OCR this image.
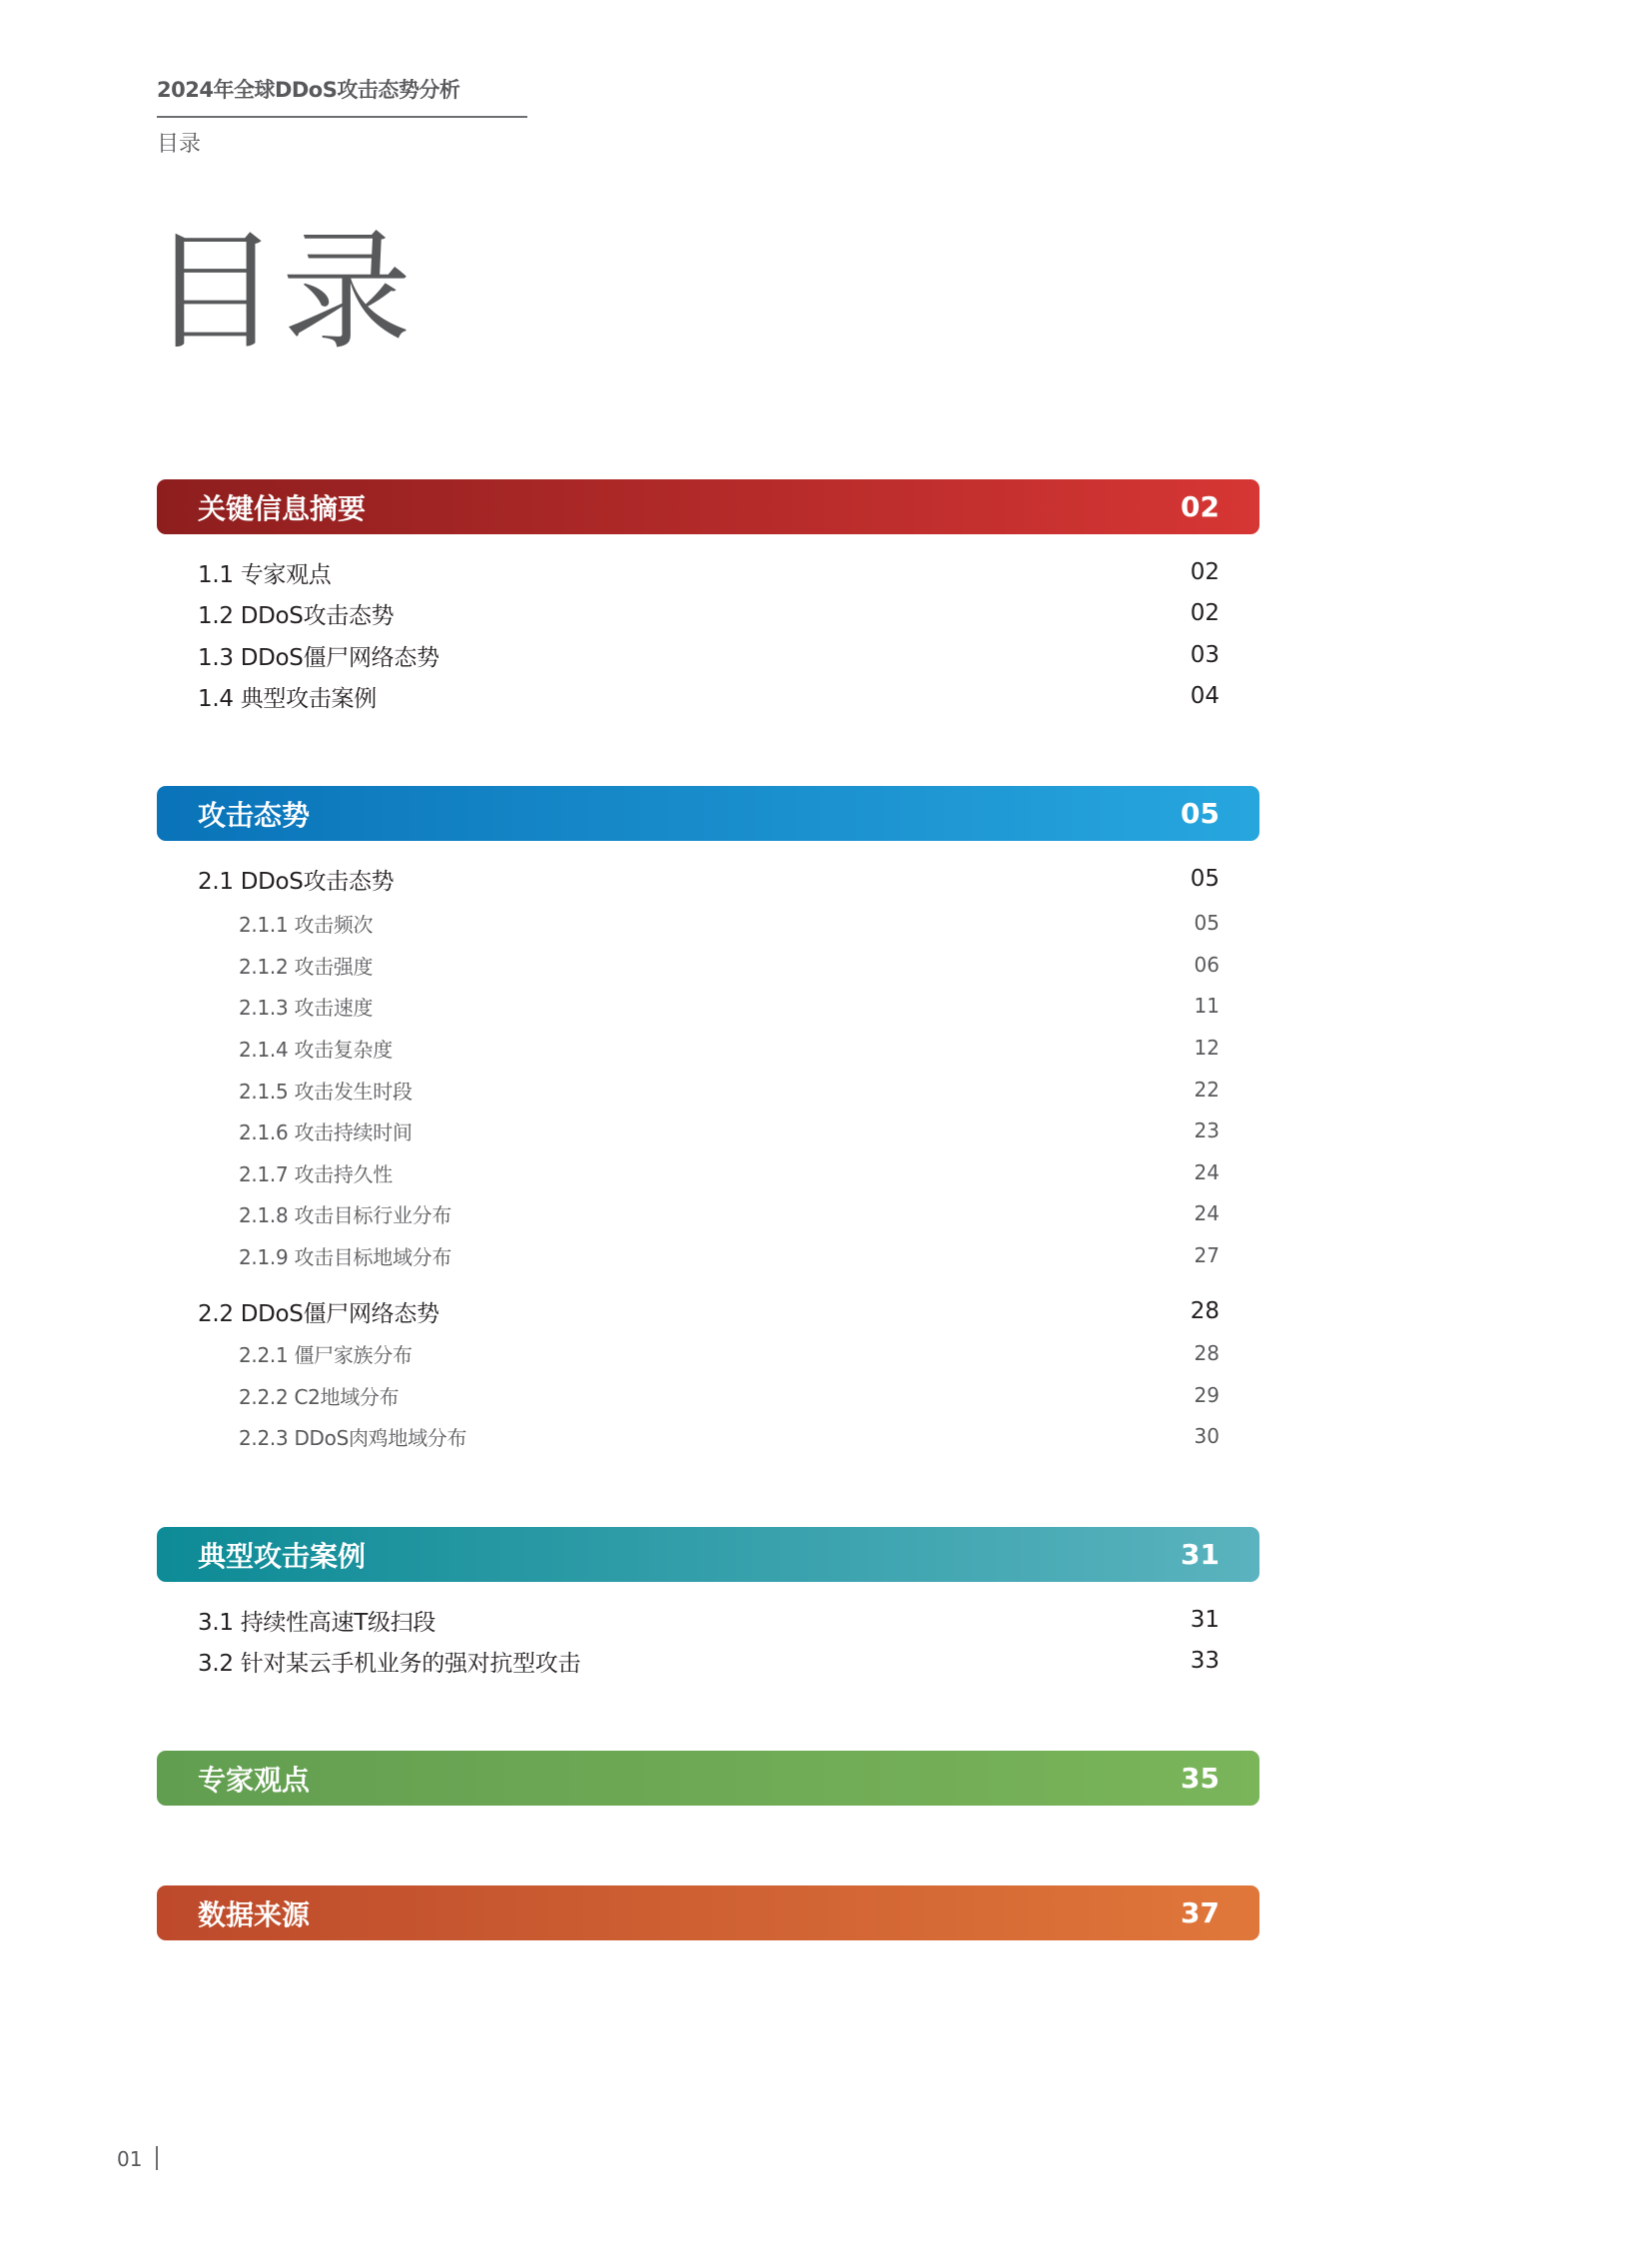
2024年全球DDoS攻击态势分析
目录
目录
关键信息摘要	02
1.1 专家观点	02
1.2 DDoS攻击态势	02
1.3 DDoS僵尸网络态势	03
1.4 典型攻击案例	04
攻击态势	05
2.1 DDoS攻击态势	05
2.1.1 攻击频次	05
2.1.2 攻击强度	06
2.1.3 攻击速度	11
2.1.4 攻击复杂度	12
2.1.5 攻击发生时段	22
2.1.6 攻击持续时间	23
2.1.7 攻击持久性	24
2.1.8 攻击目标行业分布	24
2.1.9 攻击目标地域分布	27
2.2 DDoS僵尸网络态势	28
2.2.1 僵尸家族分布	28
2.2.2 C2地域分布	29
2.2.3 DDoS肉鸡地域分布	30
典型攻击案例	31
3.1 持续性高速T级扫段	31
3.2 针对某云手机业务的强对抗型攻击	33
专家观点	35
数据来源	37
01
